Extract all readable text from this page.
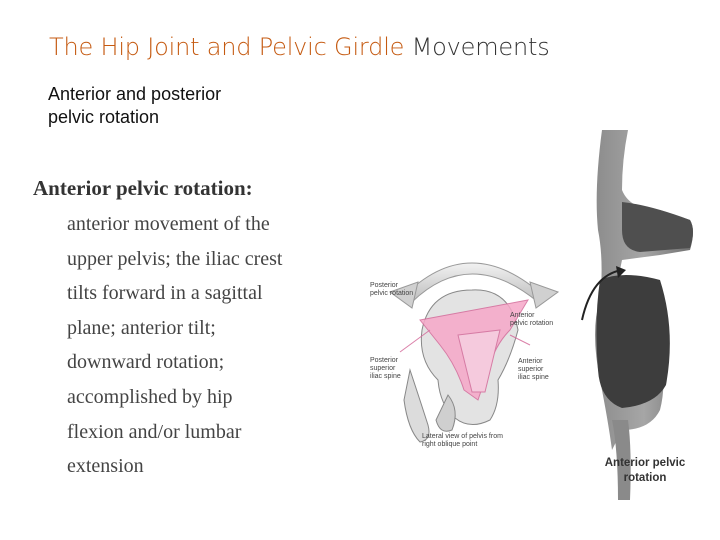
The Hip Joint and Pelvic Girdle Movements
Anterior and posterior
pelvic rotation
Anterior pelvic rotation:
anterior movement of the
upper pelvis; the iliac crest
tilts forward in a sagittal
plane; anterior tilt;
downward rotation;
accomplished by hip
flexion and/or lumbar
extension
Posterior
pelvic rotation
Anterior
pelvic rotation
Posterior
superior
iliac spine
Anterior
superior
iliac spine
Lateral view of pelvis from
right oblique point
Anterior pelvic
rotation
